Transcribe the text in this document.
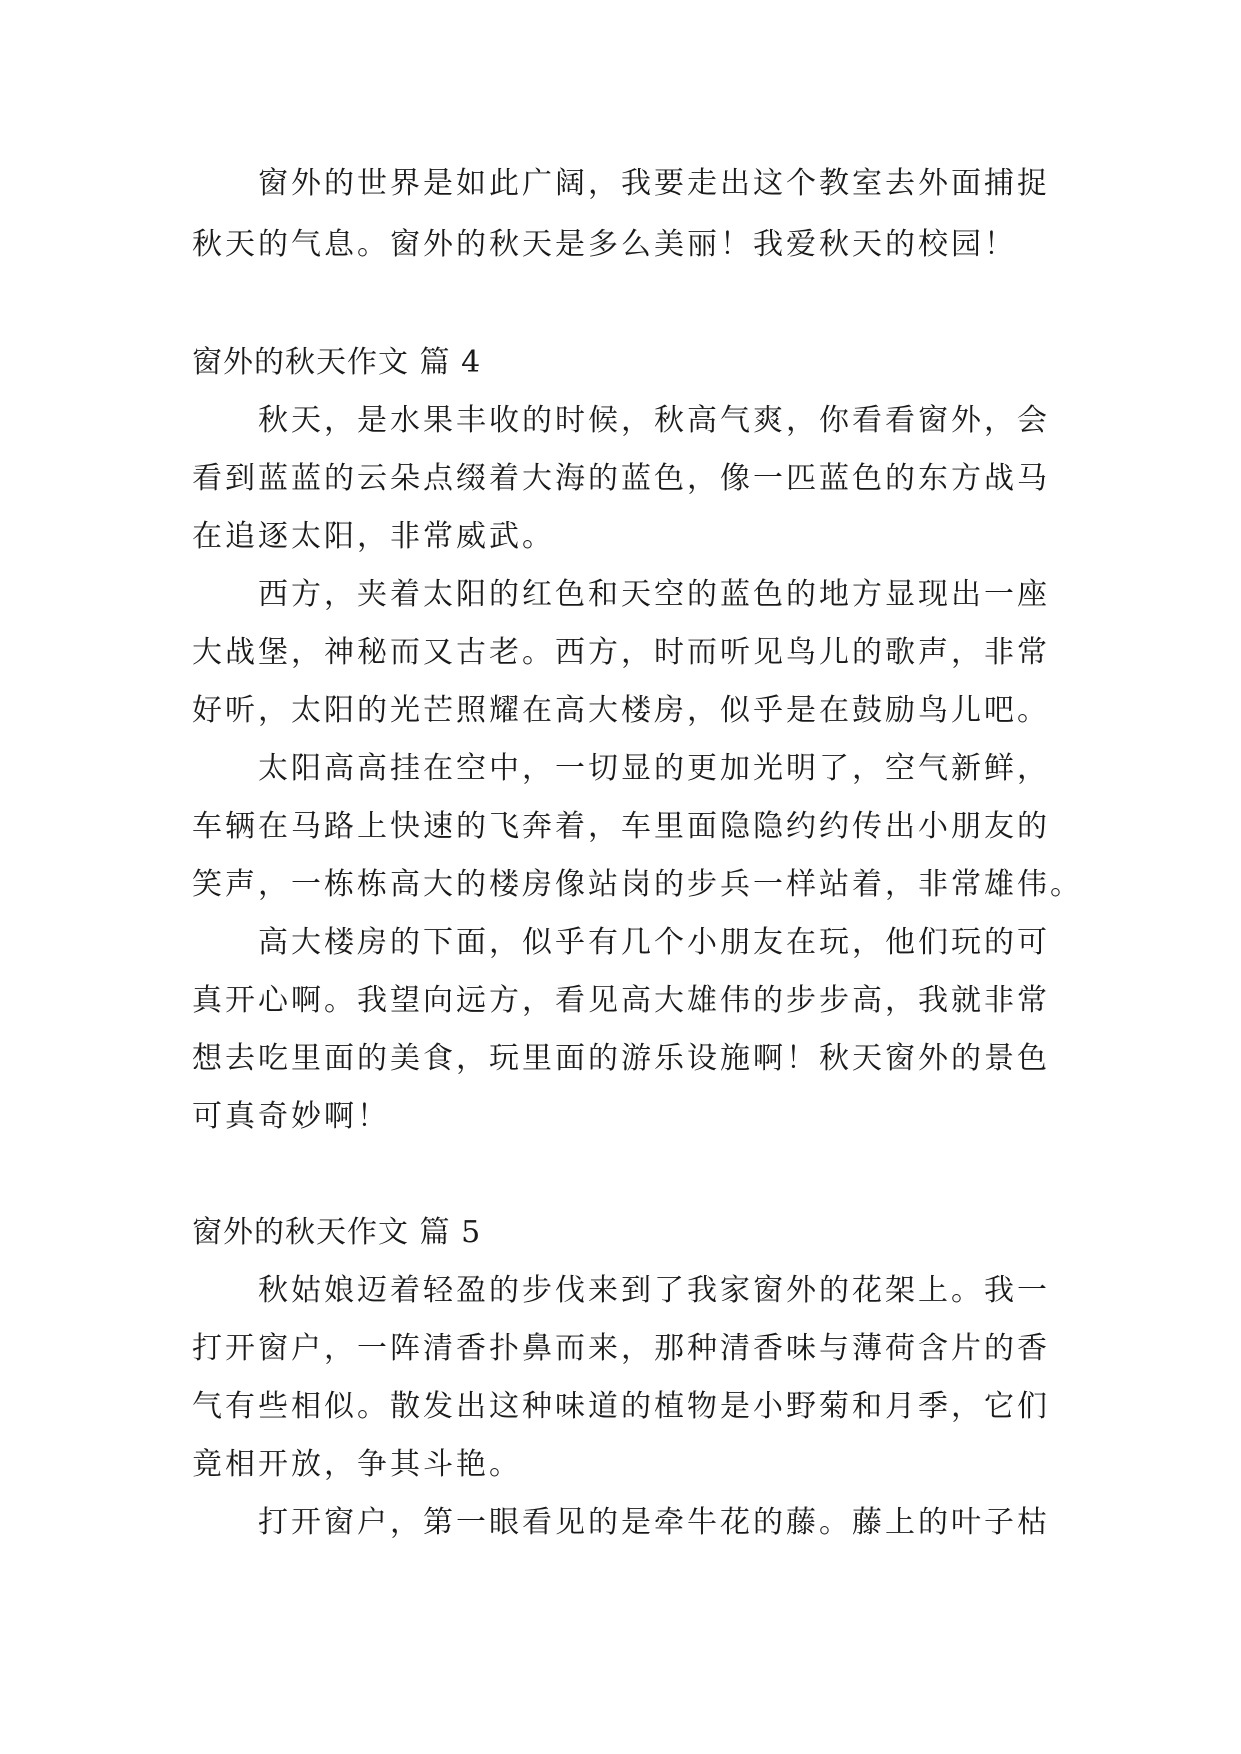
窗外的世界是如此广阔，我要走出这个教室去外面捕捉
秋天的气息。窗外的秋天是多么美丽！我爱秋天的校园！
窗外的秋天作文 篇 4
秋天，是水果丰收的时候，秋高气爽，你看看窗外，会
看到蓝蓝的云朵点缀着大海的蓝色，像一匹蓝色的东方战马
在追逐太阳，非常威武。
西方，夹着太阳的红色和天空的蓝色的地方显现出一座
大战堡，神秘而又古老。西方，时而听见鸟儿的歌声，非常
好听，太阳的光芒照耀在高大楼房，似乎是在鼓励鸟儿吧。
太阳高高挂在空中，一切显的更加光明了，空气新鲜，
车辆在马路上快速的飞奔着，车里面隐隐约约传出小朋友的
笑声，一栋栋高大的楼房像站岗的步兵一样站着，非常雄伟。
高大楼房的下面，似乎有几个小朋友在玩，他们玩的可
真开心啊。我望向远方，看见高大雄伟的步步高，我就非常
想去吃里面的美食，玩里面的游乐设施啊！秋天窗外的景色
可真奇妙啊！
窗外的秋天作文 篇 5
秋姑娘迈着轻盈的步伐来到了我家窗外的花架上。我一
打开窗户，一阵清香扑鼻而来，那种清香味与薄荷含片的香
气有些相似。散发出这种味道的植物是小野菊和月季，它们
竟相开放，争其斗艳。
打开窗户，第一眼看见的是牵牛花的藤。藤上的叶子枯
